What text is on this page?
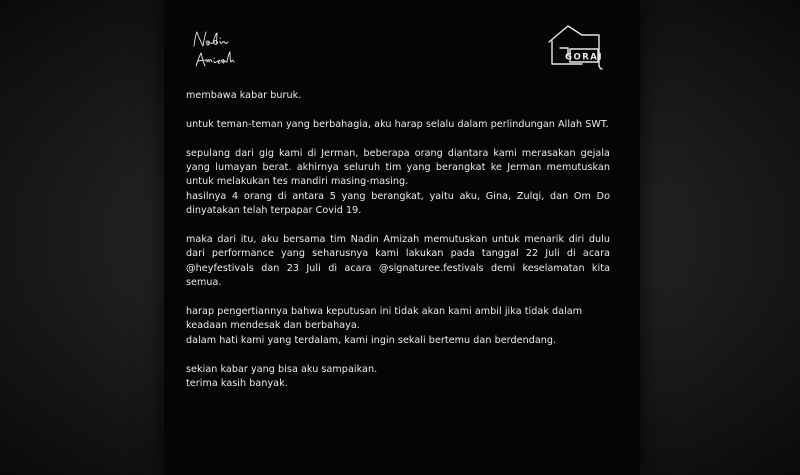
GORAI

membawa kabar buruk.

untuk teman-teman yang berbahagia, aku harap selalu dalam perlindungan Allah SWT.

sepulang dari gig kami di Jerman, beberapa orang diantara kami merasakan gejala yang lumayan berat. akhirnya seluruh tim yang berangkat ke Jerman memutuskan untuk melakukan tes mandiri masing-masing.
hasilnya 4 orang di antara 5 yang berangkat, yaitu aku, Gina, Zulqi, dan Om Do dinyatakan telah terpapar Covid 19.

maka dari itu, aku bersama tim Nadin Amizah memutuskan untuk menarik diri dulu dari performance yang seharusnya kami lakukan pada tanggal 22 Juli di acara @heyfestivals dan 23 Juli di acara @signaturee.festivals demi keselamatan kita semua.

harap pengertiannya bahwa keputusan ini tidak akan kami ambil jika tidak dalam keadaan mendesak dan berbahaya.
dalam hati kami yang terdalam, kami ingin sekali bertemu dan berdendang.

sekian kabar yang bisa aku sampaikan.
terima kasih banyak.
